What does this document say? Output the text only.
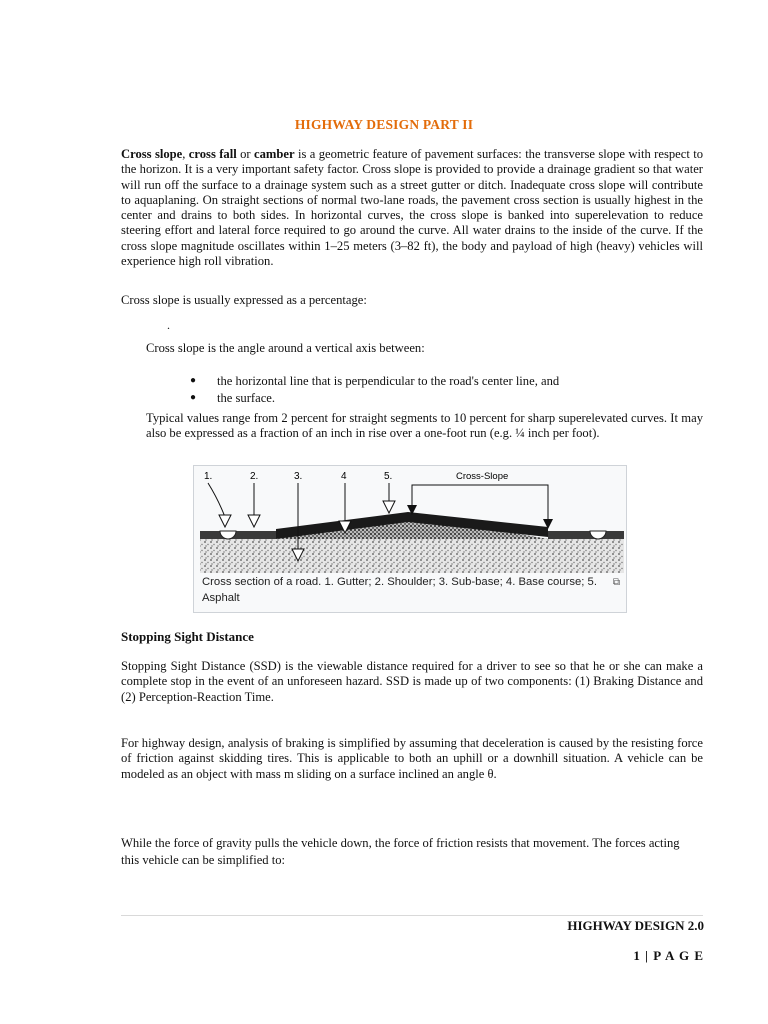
HIGHWAY DESIGN PART II
Cross slope, cross fall or camber is a geometric feature of pavement surfaces: the transverse slope with respect to the horizon. It is a very important safety factor. Cross slope is provided to provide a drainage gradient so that water will run off the surface to a drainage system such as a street gutter or ditch. Inadequate cross slope will contribute to aquaplaning. On straight sections of normal two-lane roads, the pavement cross section is usually highest in the center and drains to both sides. In horizontal curves, the cross slope is banked into superelevation to reduce steering effort and lateral force required to go around the curve. All water drains to the inside of the curve. If the cross slope magnitude oscillates within 1–25 meters (3–82 ft), the body and payload of high (heavy) vehicles will experience high roll vibration.
Cross slope is usually expressed as a percentage:
.
Cross slope is the angle around a vertical axis between:
● the horizontal line that is perpendicular to the road's center line, and
● the surface.
Typical values range from 2 percent for straight segments to 10 percent for sharp superelevated curves. It may also be expressed as a fraction of an inch in rise over a one-foot run (e.g. ¼ inch per foot).
1.	2.	3.	4	5.	Cross-Slope
Cross section of a road. 1. Gutter; 2. Shoulder; 3. Sub-base; 4. Base course; 5. Asphalt
⧉
Stopping Sight Distance
Stopping Sight Distance (SSD) is the viewable distance required for a driver to see so that he or she can make a complete stop in the event of an unforeseen hazard. SSD is made up of two components: (1) Braking Distance and (2) Perception-Reaction Time.
For highway design, analysis of braking is simplified by assuming that deceleration is caused by the resisting force of friction against skidding tires. This is applicable to both an uphill or a downhill situation. A vehicle can be modeled as an object with mass m sliding on a surface inclined an angle θ.
While the force of gravity pulls the vehicle down, the force of friction resists that movement. The forces acting this vehicle can be simplified to:
HIGHWAY DESIGN 2.0
1 | P A G E
